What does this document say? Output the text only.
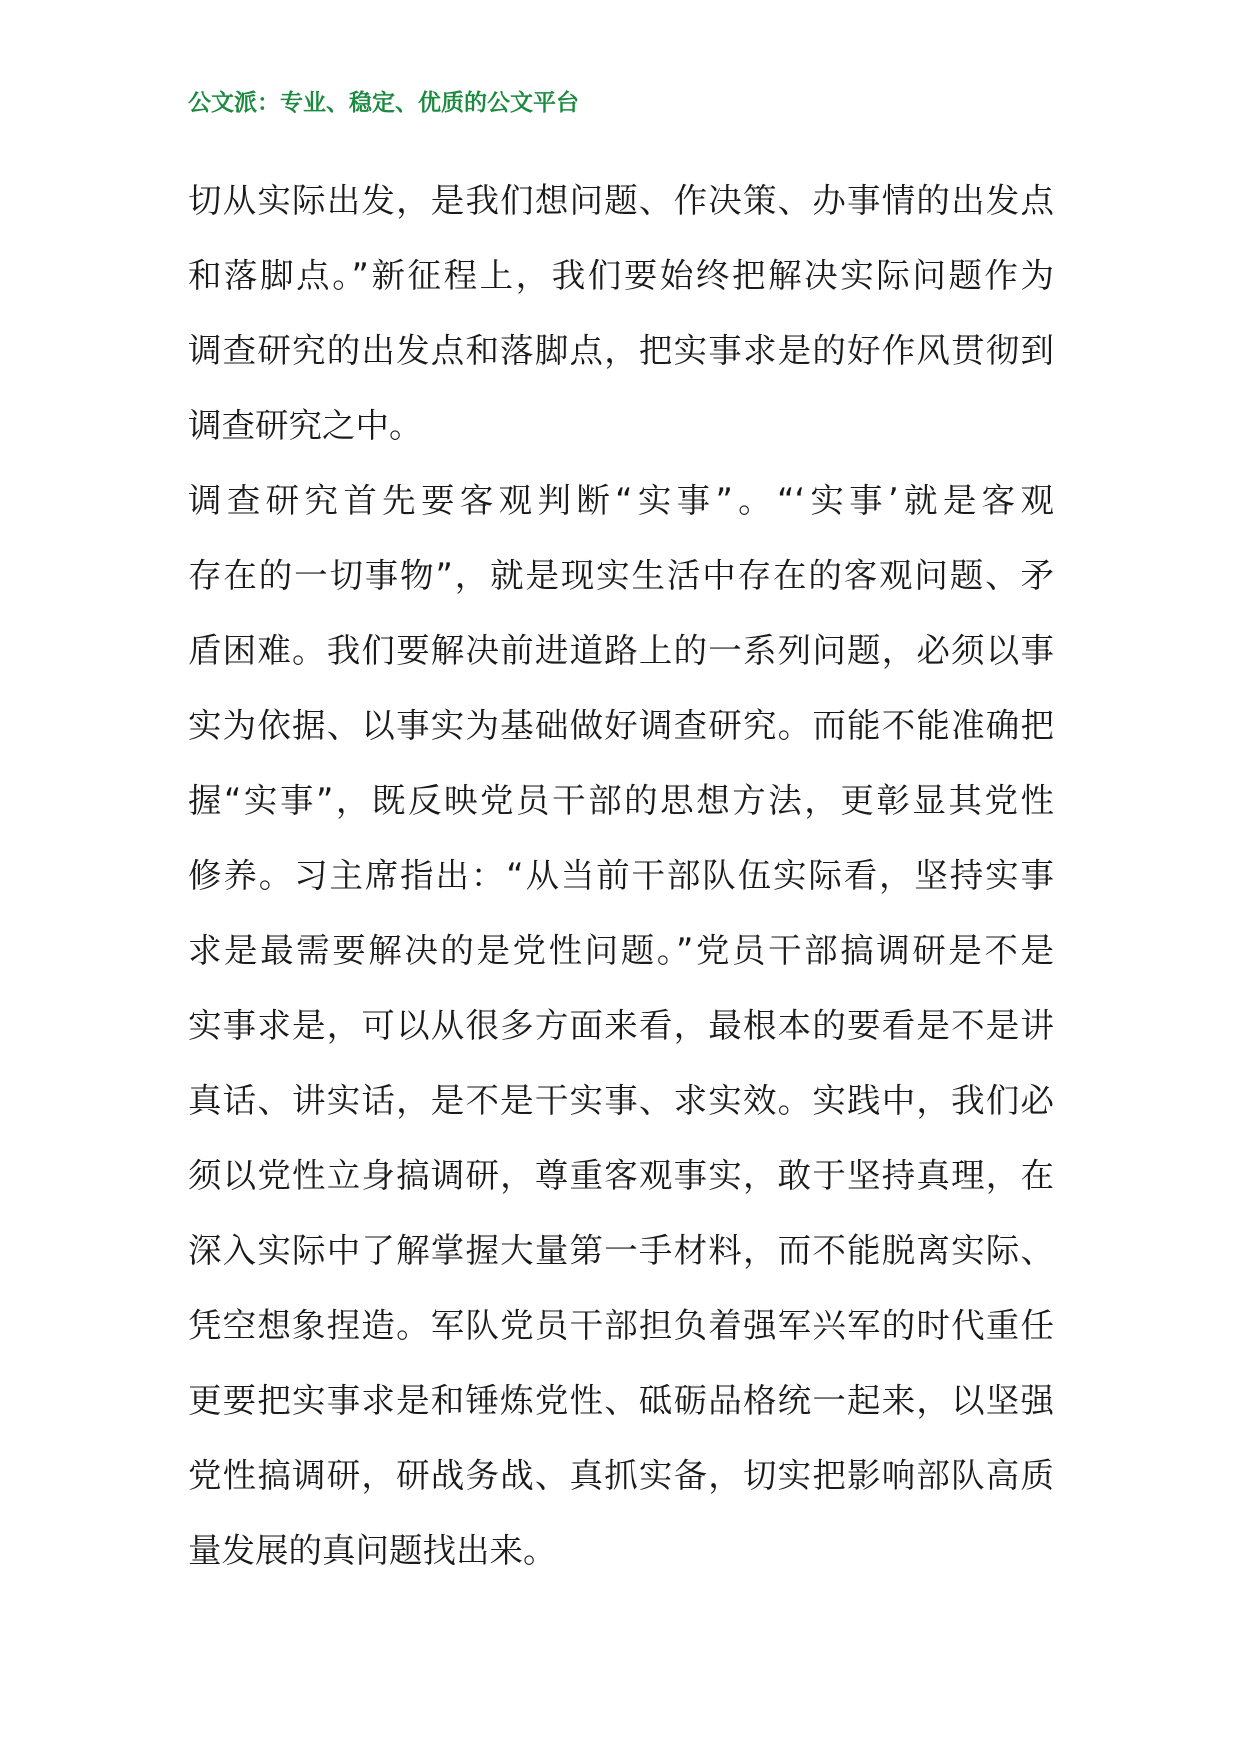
公文派：专业、稳定、优质的公文平台
切从实际出发，是我们想问题、作决策、办事情的出发点
和落脚点。”新征程上，我们要始终把解决实际问题作为
调查研究的出发点和落脚点，把实事求是的好作风贯彻到
调查研究之中。
调查研究首先要客观判断“实事”。“‘实事’就是客观
存在的一切事物”，就是现实生活中存在的客观问题、矛
盾困难。我们要解决前进道路上的一系列问题，必须以事
实为依据、以事实为基础做好调查研究。而能不能准确把
握“实事”，既反映党员干部的思想方法，更彰显其党性
修养。习主席指出：“从当前干部队伍实际看，坚持实事
求是最需要解决的是党性问题。”党员干部搞调研是不是
实事求是，可以从很多方面来看，最根本的要看是不是讲
真话、讲实话，是不是干实事、求实效。实践中，我们必
须以党性立身搞调研，尊重客观事实，敢于坚持真理，在
深入实际中了解掌握大量第一手材料，而不能脱离实际、
凭空想象捏造。军队党员干部担负着强军兴军的时代重任
更要把实事求是和锤炼党性、砥砺品格统一起来，以坚强
党性搞调研，研战务战、真抓实备，切实把影响部队高质
量发展的真问题找出来。
